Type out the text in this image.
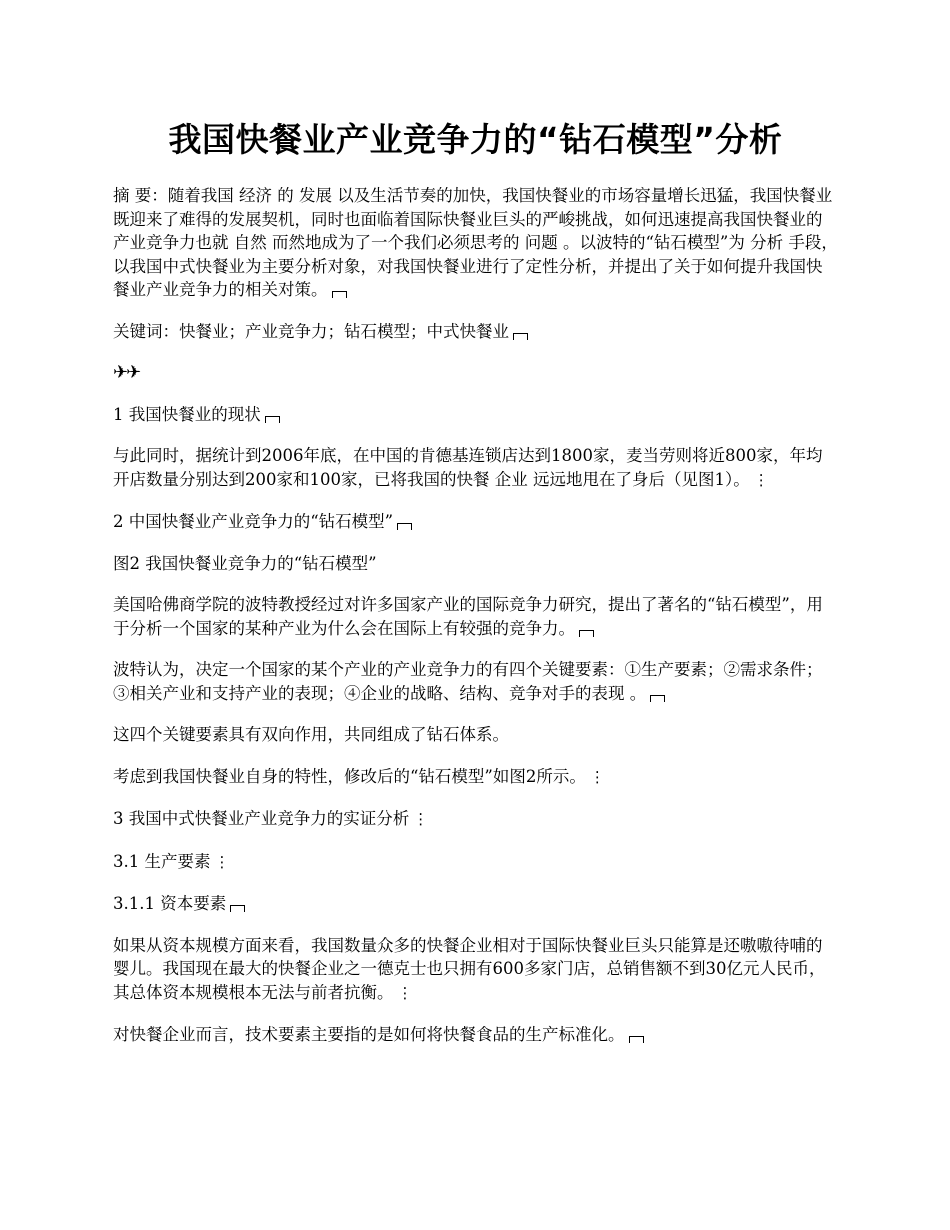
我国快餐业产业竞争力的“钻石模型”分析

摘 要：随着我国 经济 的 发展 以及生活节奏的加快，我国快餐业的市场容量增长迅猛，我国快餐业既迎来了难得的发展契机，同时也面临着国际快餐业巨头的严峻挑战，如何迅速提高我国快餐业的产业竞争力也就 自然 而然地成为了一个我们必须思考的 问题 。以波特的“钻石模型”为 分析 手段，以我国中式快餐业为主要分析对象，对我国快餐业进行了定性分析，并提出了关于如何提升我国快餐业产业竞争力的相关对策。

关键词：快餐业；产业竞争力；钻石模型；中式快餐业

✈✈

1 我国快餐业的现状

与此同时，据统计到2006年底，在中国的肯德基连锁店达到1800家，麦当劳则将近800家，年均开店数量分别达到200家和100家，已将我国的快餐 企业 远远地甩在了身后（见图1）。 ⋮

2 中国快餐业产业竞争力的“钻石模型”

图2 我国快餐业竞争力的“钻石模型”

美国哈佛商学院的波特教授经过对许多国家产业的国际竞争力研究，提出了著名的“钻石模型”，用于分析一个国家的某种产业为什么会在国际上有较强的竞争力。

波特认为，决定一个国家的某个产业的产业竞争力的有四个关键要素：①生产要素；②需求条件；③相关产业和支持产业的表现；④企业的战略、结构、竞争对手的表现 。

这四个关键要素具有双向作用，共同组成了钻石体系。

考虑到我国快餐业自身的特性，修改后的“钻石模型”如图2所示。 ⋮

3 我国中式快餐业产业竞争力的实证分析 ⋮

3.1 生产要素 ⋮

3.1.1 资本要素

如果从资本规模方面来看，我国数量众多的快餐企业相对于国际快餐业巨头只能算是还嗷嗷待哺的婴儿。我国现在最大的快餐企业之一德克士也只拥有600多家门店，总销售额不到30亿元人民币，其总体资本规模根本无法与前者抗衡。 ⋮

对快餐企业而言，技术要素主要指的是如何将快餐食品的生产标准化。
